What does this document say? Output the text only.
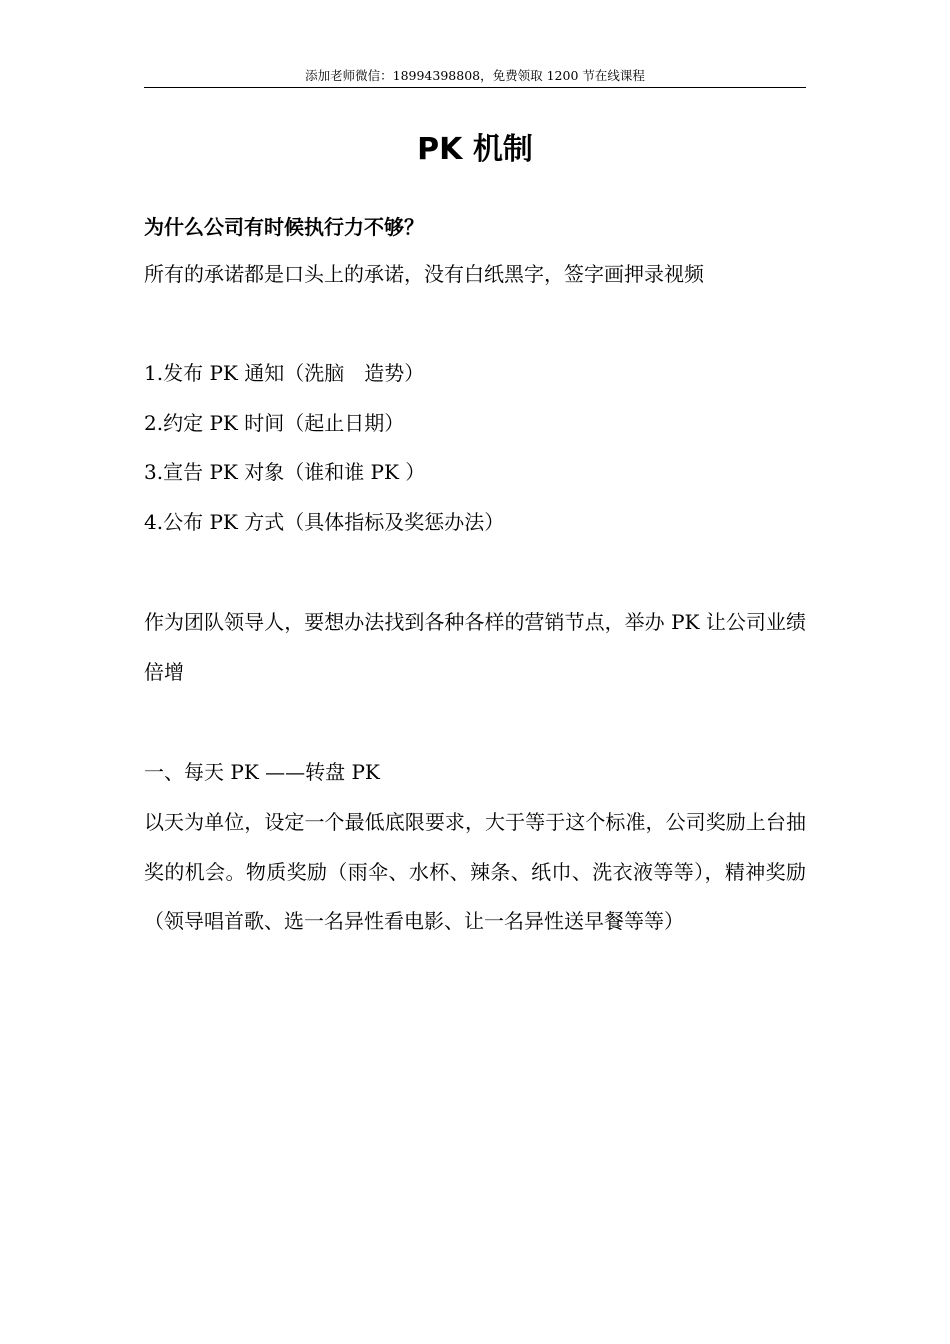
添加老师微信：18994398808，免费领取 1200 节在线课程
PK 机制
为什么公司有时候执行力不够？
所有的承诺都是口头上的承诺，没有白纸黑字，签字画押录视频
1.发布 PK 通知（洗脑　造势）
2.约定 PK 时间（起止日期）
3.宣告 PK 对象（谁和谁 PK ）
4.公布 PK 方式（具体指标及奖惩办法）
作为团队领导人，要想办法找到各种各样的营销节点，举办 PK 让公司业绩倍增
一、每天 PK ——转盘 PK
以天为单位，设定一个最低底限要求，大于等于这个标准，公司奖励上台抽奖的机会。物质奖励（雨伞、水杯、辣条、纸巾、洗衣液等等），精神奖励（领导唱首歌、选一名异性看电影、让一名异性送早餐等等）
